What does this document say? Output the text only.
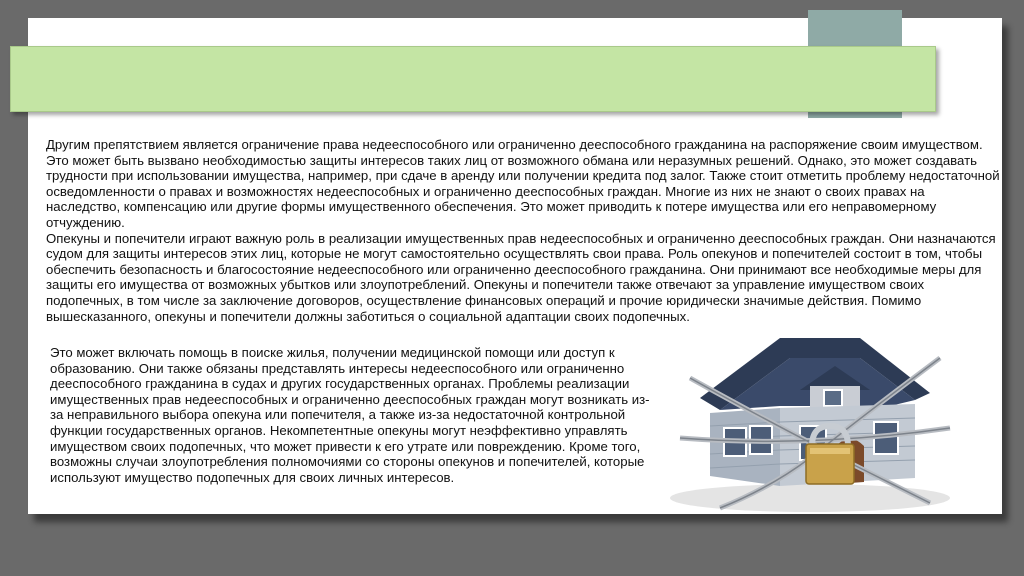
Другим препятствием является ограничение права недееспособного или ограниченно дееспособного гражданина на распоряжение своим имуществом. Это может быть вызвано необходимостью защиты интересов таких лиц от возможного обмана или неразумных решений. Однако, это может создавать трудности при использовании имущества, например, при сдаче в аренду или получении кредита под залог. Также стоит отметить проблему недостаточной осведомленности о правах и возможностях недееспособных и ограниченно дееспособных граждан. Многие из них не знают о своих правах на наследство, компенсацию или другие формы имущественного обеспечения. Это может приводить к потере имущества или его неправомерному отчуждению.

Опекуны и попечители играют важную роль в реализации имущественных прав недееспособных и ограниченно дееспособных граждан. Они назначаются судом для защиты интересов этих лиц, которые не могут самостоятельно осуществлять свои права. Роль опекунов и попечителей состоит в том, чтобы обеспечить безопасность и благосостояние недееспособного или ограниченно дееспособного гражданина. Они принимают все необходимые меры для защиты его имущества от возможных убытков или злоупотреблений. Опекуны и попечители также отвечают за управление имуществом своих подопечных, в том числе за заключение договоров, осуществление финансовых операций и прочие юридически значимые действия. Помимо вышесказанного, опекуны и попечители должны заботиться о социальной адаптации своих подопечных.

Это может включать помощь в поиске жилья, получении медицинской помощи или доступ к образованию. Они также обязаны представлять интересы недееспособного или ограниченно дееспособного гражданина в судах и других государственных органах. Проблемы реализации имущественных прав недееспособных и ограниченно дееспособных граждан могут возникать из-за неправильного выбора опекуна или попечителя, а также из-за недостаточной контрольной функции государственных органов. Некомпетентные опекуны могут неэффективно управлять имуществом своих подопечных, что может привести к его утрате или повреждению. Кроме того, возможны случаи злоупотребления полномочиями со стороны опекунов и попечителей, которые используют имущество подопечных для своих личных интересов.
